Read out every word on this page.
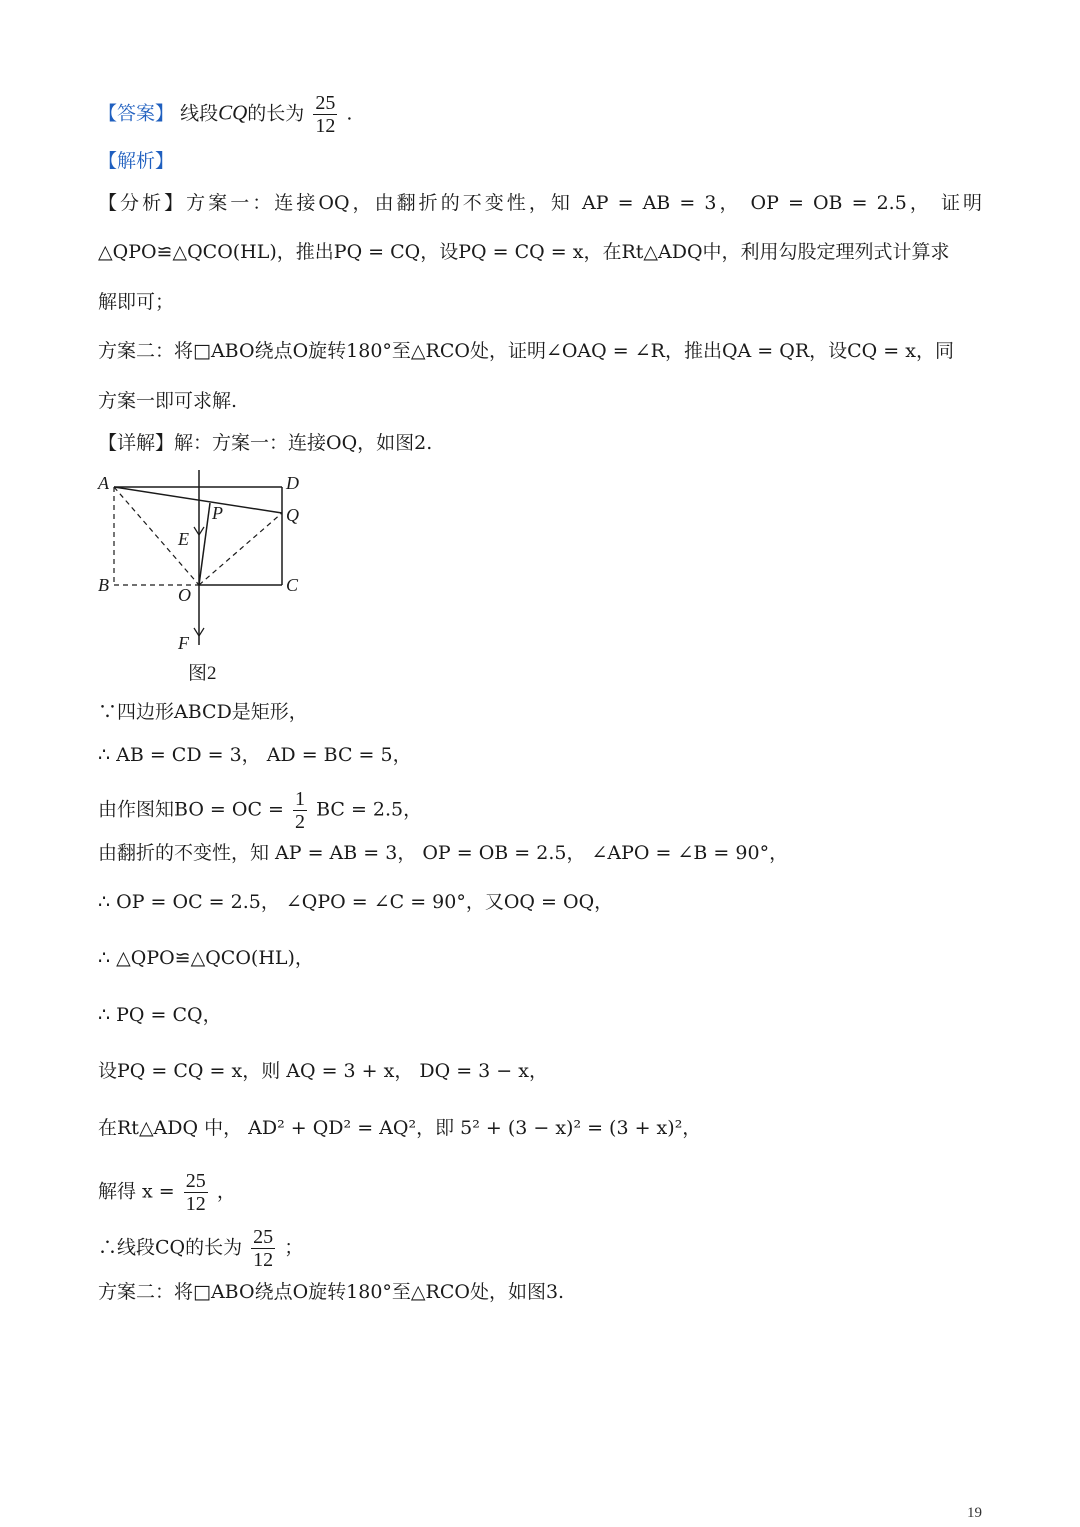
【答案】 线段CQ的长为 $\frac{25}{12}$ .
【解析】
【分析】方案一：连接OQ，由翻折的不变性，知 AP = AB = 3， OP = OB = 2.5， 证明
△QPO≌△QCO(HL)，推出PQ = CQ，设PQ = CQ = x，在Rt△ADQ中，利用勾股定理列式计算求
解即可；
方案二：将□ABO绕点O旋转180°至△RCO处，证明∠OAQ = ∠R，推出QA = QR，设CQ = x，同
方案一即可求解.
【详解】解：方案一：连接OQ，如图2.
A	D
P	Q
E
B	C
O
F
图2
∵四边形ABCD是矩形，
∴ AB = CD = 3， AD = BC = 5，
由作图知BO = OC = $\frac{1}{2}$ BC = 2.5，
由翻折的不变性，知 AP = AB = 3， OP = OB = 2.5， ∠APO = ∠B = 90°，
∴ OP = OC = 2.5， ∠QPO = ∠C = 90°，又OQ = OQ，
∴ △QPO≌△QCO(HL)，
∴ PQ = CQ，
设PQ = CQ = x，则 AQ = 3 + x， DQ = 3 − x，
在Rt△ADQ 中， AD² + QD² = AQ²，即 5² + (3 − x)² = (3 + x)²，
解得 $x = \frac{25}{12}$ ，
∴线段CQ的长为 $\frac{25}{12}$ ；
方案二：将□ABO绕点O旋转180°至△RCO处，如图3.
19
